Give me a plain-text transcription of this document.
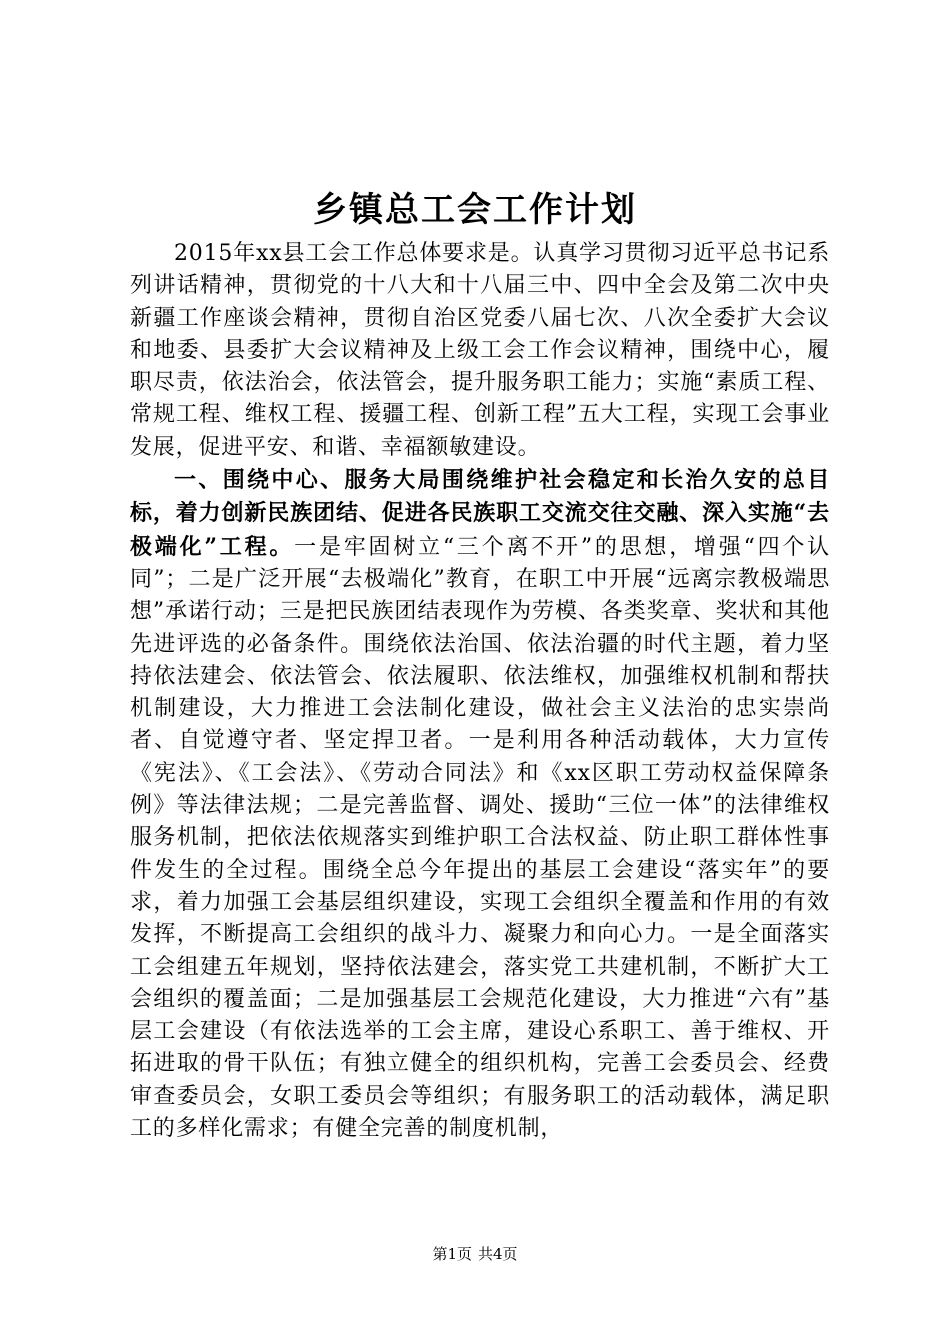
乡镇总工会工作计划

2015年xx县工会工作总体要求是。认真学习贯彻习近平总书记系列讲话精神，贯彻党的十八大和十八届三中、四中全会及第二次中央新疆工作座谈会精神，贯彻自治区党委八届七次、八次全委扩大会议和地委、县委扩大会议精神及上级工会工作会议精神，围绕中心，履职尽责，依法治会，依法管会，提升服务职工能力；实施“素质工程、常规工程、维权工程、援疆工程、创新工程”五大工程，实现工会事业发展，促进平安、和谐、幸福额敏建设。

一、围绕中心、服务大局围绕维护社会稳定和长治久安的总目标，着力创新民族团结、促进各民族职工交流交往交融、深入实施“去极端化”工程。一是牢固树立“三个离不开”的思想，增强“四个认同”；二是广泛开展“去极端化”教育，在职工中开展“远离宗教极端思想”承诺行动；三是把民族团结表现作为劳模、各类奖章、奖状和其他先进评选的必备条件。围绕依法治国、依法治疆的时代主题，着力坚持依法建会、依法管会、依法履职、依法维权，加强维权机制和帮扶机制建设，大力推进工会法制化建设，做社会主义法治的忠实崇尚者、自觉遵守者、坚定捍卫者。一是利用各种活动载体，大力宣传《宪法》、《工会法》、《劳动合同法》和《xx区职工劳动权益保障条例》等法律法规；二是完善监督、调处、援助“三位一体”的法律维权服务机制，把依法依规落实到维护职工合法权益、防止职工群体性事件发生的全过程。围绕全总今年提出的基层工会建设“落实年”的要求，着力加强工会基层组织建设，实现工会组织全覆盖和作用的有效发挥，不断提高工会组织的战斗力、凝聚力和向心力。一是全面落实工会组建五年规划，坚持依法建会，落实党工共建机制，不断扩大工会组织的覆盖面；二是加强基层工会规范化建设，大力推进“六有”基层工会建设（有依法选举的工会主席，建设心系职工、善于维权、开拓进取的骨干队伍；有独立健全的组织机构，完善工会委员会、经费审查委员会，女职工委员会等组织；有服务职工的活动载体，满足职工的多样化需求；有健全完善的制度机制，

第1页 共4页
